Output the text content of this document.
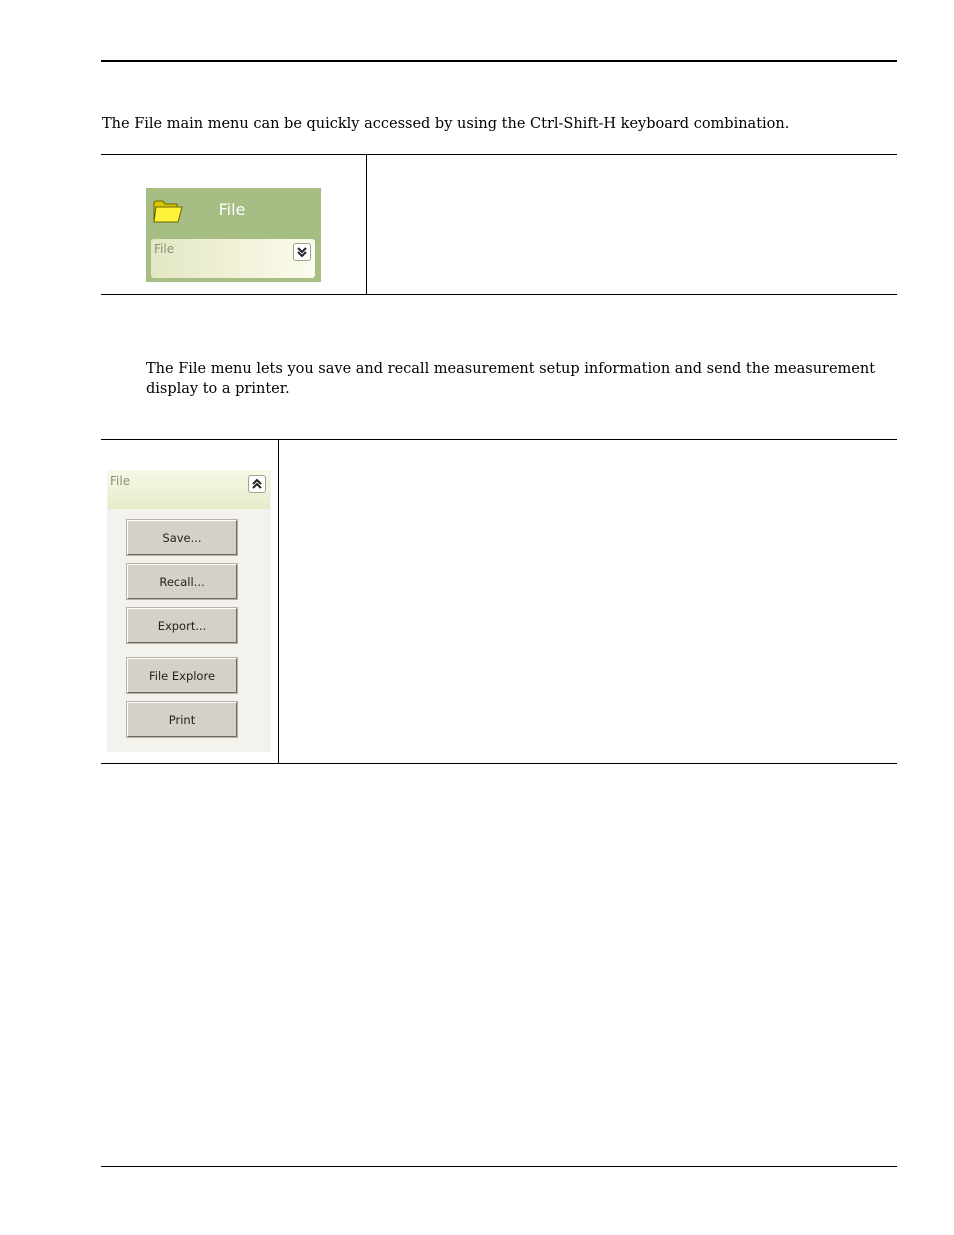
The File main menu can be quickly accessed by using the Ctrl-Shift-H keyboard combination.

File
File

The File menu lets you save and recall measurement setup information and send the measurement display to a printer.

File
Save...
Recall...
Export...
File Explore
Print
